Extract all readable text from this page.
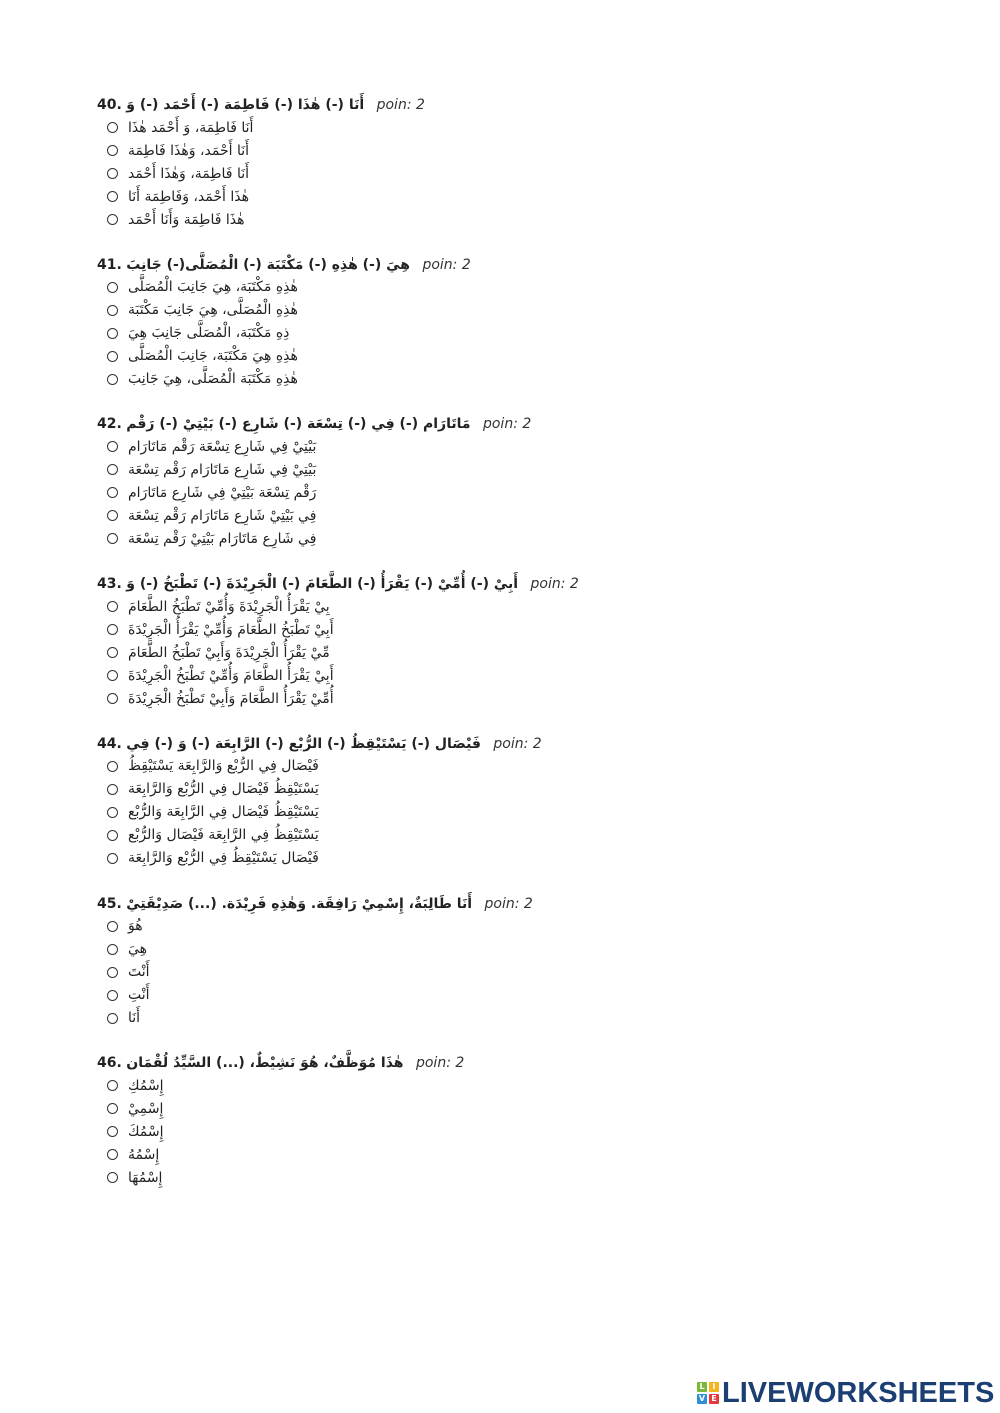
40. أَنَا (-) هٰذَا (-) فَاطِمَة (-) أَحْمَد (-) وَ poin: 2
أَنَا فَاطِمَة، وَ أَحْمَد هٰذَا
أَنَا أَحْمَد، وَهٰذَا فَاطِمَة
أَنَا فَاطِمَة، وَهٰذَا أَحْمَد
هٰذَا أَحْمَد، وَفَاطِمَة أَنَا
هٰذَا فَاطِمَة وَأَنَا أَحْمَد
41. هِيَ (-) هٰذِهِ (-) مَكْتَبَة (-) الْمُصَلَّى(-) جَانِبَ poin: 2
هٰذِهِ مَكْتَبَة، هِيَ جَانِبَ الْمُصَلَّى
هٰذِهِ الْمُصَلَّى، هِيَ جَانِبَ مَكْتَبَة
ذِهِ مَكْتَبَة، الْمُصَلَّى جَانِبَ هِيَ
هٰذِهِ هِيَ مَكْتَبَة، جَانِبَ الْمُصَلَّى
هٰذِهِ مَكْتَبَة الْمُصَلَّى، هِيَ جَانِبَ
42. مَاتَارَام (-) فِي (-) تِسْعَة (-) شَارِع (-) بَيْتِيْ (-) رَقْم poin: 2
بَيْتِيْ فِي شَارِع تِسْعَة رَقْم مَاتَارَام
بَيْتِيْ فِي شَارِع مَاتَارَام رَقْم تِسْعَة
رَقْم تِسْعَة بَيْتِيْ فِي شَارِع مَاتَارَام
فِي بَيْتِيْ شَارِع مَاتَارَام رَقْم تِسْعَة
فِي شَارِع مَاتَارَام بَيْتِيْ رَقْم تِسْعَة
43. أَبِيْ (-) أُمِّيْ (-) يَقْرَأُ (-) الطَّعَامَ (-) الْجَرِيْدَةَ (-) تَطْبَخُ (-) وَ poin: 2
بِيْ يَقْرَأُ الْجَرِيْدَةَ وَأُمِّيْ تَطْبَخُ الطَّعَامَ
أَبِيْ تَطْبَخُ الطَّعَامَ وَأُمِّيْ يَقْرَأُ الْجَرِيْدَةَ
مِّيْ يَقْرَأُ الْجَرِيْدَةَ وَأَبِيْ تَطْبَخُ الطَّعَامَ
أَبِيْ يَقْرَأُ الطَّعَامَ وَأُمِّيْ تَطْبَخُ الْجَرِيْدَةَ
أُمِّيْ يَقْرَأُ الطَّعَامَ وَأَبِيْ تَطْبَخُ الْجَرِيْدَةَ
44. فَيْصَال (-) يَسْتَيْقِظُ (-) الرُّبْع (-) الرَّابِعَة (-) وَ (-) فِي poin: 2
فَيْصَال فِي الرُّبْع وَالرَّابِعَة يَسْتَيْقِظُ
يَسْتَيْقِظُ فَيْصَال فِي الرُّبْع وَالرَّابِعَة
يَسْتَيْقِظُ فَيْصَال فِي الرَّابِعَة وَالرُّبْع
يَسْتَيْقِظُ فِي الرَّابِعَة فَيْصَال وَالرُّبْع
فَيْصَال يَسْتَيْقِظُ فِي الرُّبْع وَالرَّابِعَة
45. أَنَا طَالِبَةٌ، إِسْمِيْ رَافِقَة. وَهٰذِهِ فَرِيْدَة. (...) صَدِيْقَتِيْ poin: 2
هُوَ
هِيَ
أَنْتَ
أَنْتِ
أَنَا
46. هٰذَا مُوَظَّفٌ، هُوَ نَشِيْطٌ، (...) السَّيِّدُ لُقْمَان poin: 2
إِسْمُكِ
إِسْمِيْ
إِسْمُكَ
إِسْمُهُ
إِسْمُهَا
L I
V E LIVEWORKSHEETS
